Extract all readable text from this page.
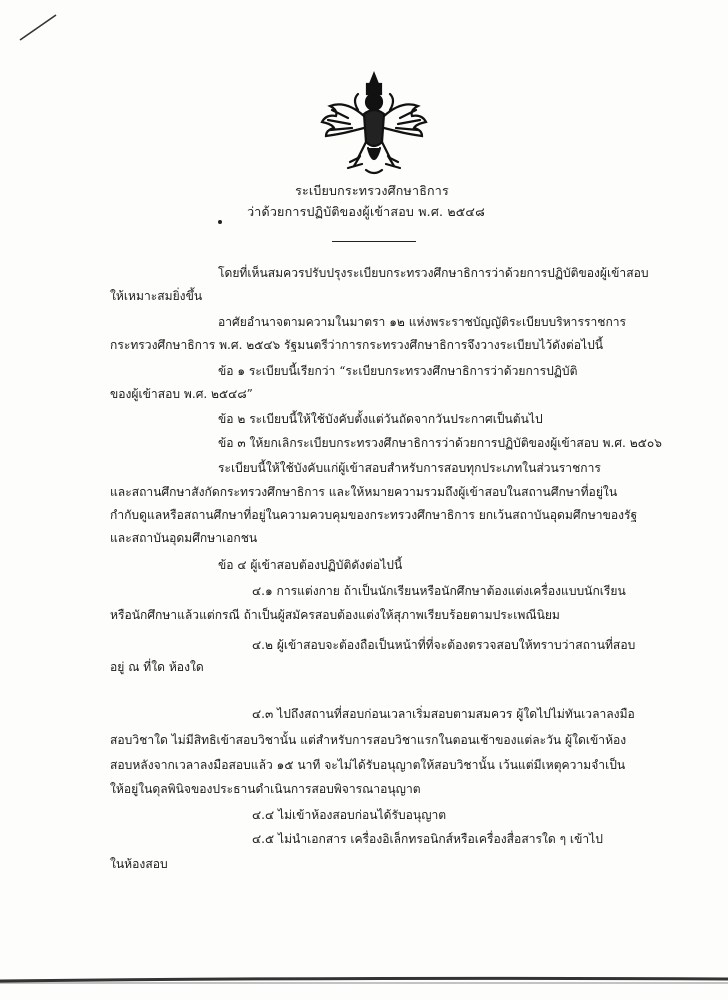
ระเบียบกระทรวงศึกษาธิการ
ว่าด้วยการปฏิบัติของผู้เข้าสอบ พ.ศ. ๒๕๔๘
โดยที่เห็นสมควรปรับปรุงระเบียบกระทรวงศึกษาธิการว่าด้วยการปฏิบัติของผู้เข้าสอบ
ให้เหมาะสมยิ่งขึ้น
อาศัยอำนาจตามความในมาตรา ๑๒ แห่งพระราชบัญญัติระเบียบบริหารราชการ
กระทรวงศึกษาธิการ พ.ศ. ๒๕๔๖ รัฐมนตรีว่าการกระทรวงศึกษาธิการจึงวางระเบียบไว้ดังต่อไปนี้
ข้อ ๑ ระเบียบนี้เรียกว่า “ระเบียบกระทรวงศึกษาธิการว่าด้วยการปฏิบัติ
ของผู้เข้าสอบ พ.ศ. ๒๕๔๘”
ข้อ ๒ ระเบียบนี้ให้ใช้บังคับตั้งแต่วันถัดจากวันประกาศเป็นต้นไป
ข้อ ๓ ให้ยกเลิกระเบียบกระทรวงศึกษาธิการว่าด้วยการปฏิบัติของผู้เข้าสอบ พ.ศ. ๒๕๐๖
ระเบียบนี้ให้ใช้บังคับแก่ผู้เข้าสอบสำหรับการสอบทุกประเภทในส่วนราชการ
และสถานศึกษาสังกัดกระทรวงศึกษาธิการ และให้หมายความรวมถึงผู้เข้าสอบในสถานศึกษาที่อยู่ใน
กำกับดูแลหรือสถานศึกษาที่อยู่ในความควบคุมของกระทรวงศึกษาธิการ ยกเว้นสถาบันอุดมศึกษาของรัฐ
และสถาบันอุดมศึกษาเอกชน
ข้อ ๔ ผู้เข้าสอบต้องปฏิบัติดังต่อไปนี้
๔.๑ การแต่งกาย ถ้าเป็นนักเรียนหรือนักศึกษาต้องแต่งเครื่องแบบนักเรียน
หรือนักศึกษาแล้วแต่กรณี ถ้าเป็นผู้สมัครสอบต้องแต่งให้สุภาพเรียบร้อยตามประเพณีนิยม
๔.๒ ผู้เข้าสอบจะต้องถือเป็นหน้าที่ที่จะต้องตรวจสอบให้ทราบว่าสถานที่สอบ
อยู่ ณ ที่ใด ห้องใด
๔.๓ ไปถึงสถานที่สอบก่อนเวลาเริ่มสอบตามสมควร ผู้ใดไปไม่ทันเวลาลงมือ
สอบวิชาใด ไม่มีสิทธิเข้าสอบวิชานั้น แต่สำหรับการสอบวิชาแรกในตอนเช้าของแต่ละวัน ผู้ใดเข้าห้อง
สอบหลังจากเวลาลงมือสอบแล้ว ๑๕ นาที จะไม่ได้รับอนุญาตให้สอบวิชานั้น เว้นแต่มีเหตุความจำเป็น
ให้อยู่ในดุลพินิจของประธานดำเนินการสอบพิจารณาอนุญาต
๔.๔ ไม่เข้าห้องสอบก่อนได้รับอนุญาต
๔.๕ ไม่นำเอกสาร เครื่องอิเล็กทรอนิกส์หรือเครื่องสื่อสารใด ๆ เข้าไป
ในห้องสอบ
